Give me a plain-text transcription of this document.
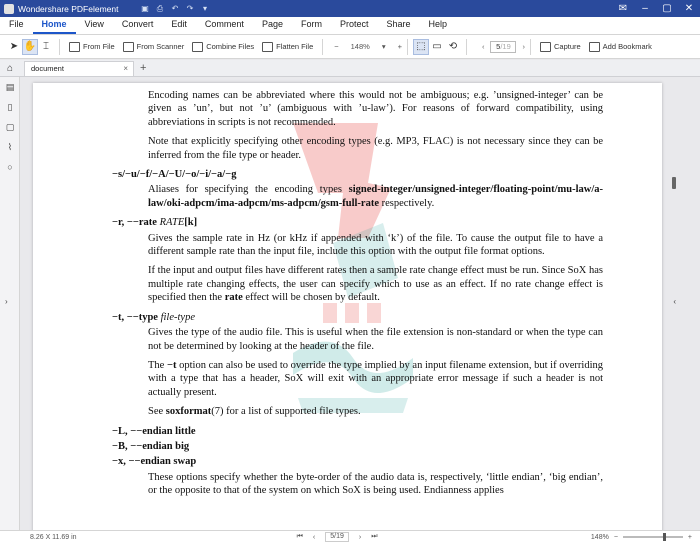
Wondershare PDFelement	▣ ⎙ ↶ ↷	▾	✉	–	▢	✕
File	Home	View	Convert	Edit	Comment	Page	Form	Protect	Share	Help
➤ ✋ ⌶	From File	From Scanner	Combine Files	Flatten File	− 148% ▾ +	⬚ ▭ ⟲	‹	5/19	›	Capture	Add Bookmark
⌂	document	× +
▤
▯
▢
⌇
○
›

Encoding names can be abbreviated where this would not be ambiguous; e.g. ’unsigned-integer’ can be given as ’un’, but not ’u’ (ambiguous with ’u-law’). For reasons of forward compatibility, using abbreviations in scripts is not recommended.

Note that explicitly specifying other encoding types (e.g. MP3, FLAC) is not necessary since they can be inferred from the file type or header.

−s/−u/−f/−A/−U/−o/−i/−a/−g

Aliases for specifying the encoding types signed-integer/unsigned-integer/floating-point/mu-law/a-law/oki-adpcm/ima-adpcm/ms-adpcm/gsm-full-rate respectively.

−r, −−rate RATE[k]

Gives the sample rate in Hz (or kHz if appended with ‘k’) of the file. To cause the output file to have a different sample rate than the input file, include this option with the output file format options.

If the input and output files have different rates then a sample rate change effect must be run. Since SoX has multiple rate changing effects, the user can specify which to use as an effect. If no rate change effect is specified then the rate effect will be chosen by default.

−t, −−type file-type

Gives the type of the audio file. This is useful when the file extension is non-standard or when the type can not be determined by looking at the header of the file.

The −t option can also be used to override the type implied by an input filename extension, but if overriding with a type that has a header, SoX will exit with an appropriate error message if such a header is not actually present.

See soxformat(7) for a list of supported file types.

−L, −−endian little
−B, −−endian big
−x, −−endian swap

These options specify whether the byte-order of the audio data is, respectively, ‘little endian’, ‘big endian’, or the opposite to that of the system on which SoX is being used. Endianness applies

‹
8.26 X 11.69 in	⏮ ‹	5/19	› ⏭	148% −	+
